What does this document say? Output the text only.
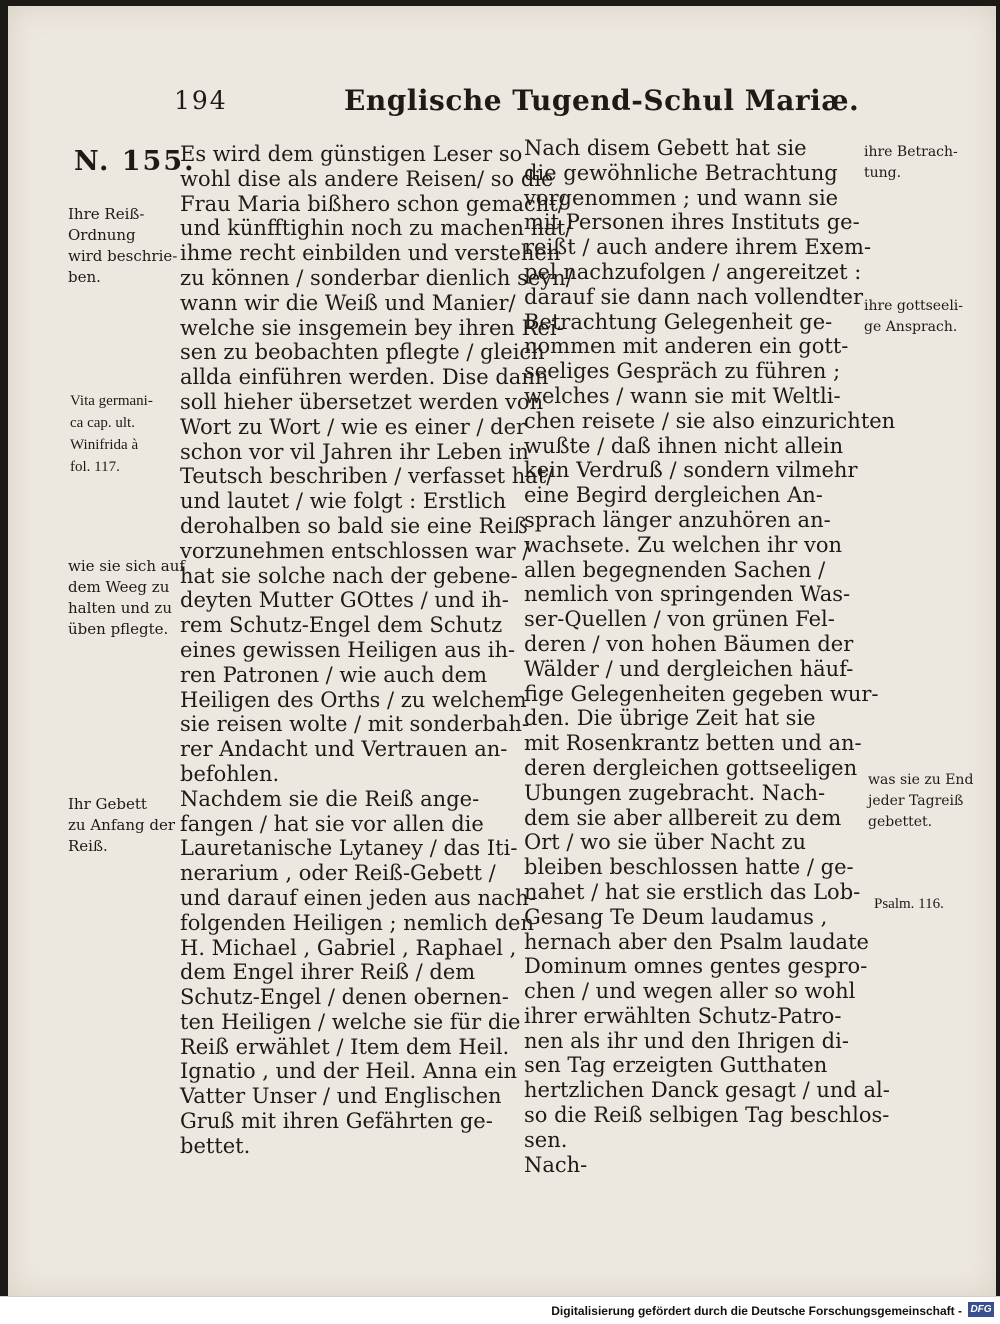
194	Englische Tugend-Schul Mariæ.
N. 155.
Es wird dem günstigen Leser so
wohl dise als andere Reisen/ so die
Frau Maria bißhero schon gemacht/
und künfftighin noch zu machen hat/
ihme recht einbilden und verstehen
zu können / sonderbar dienlich seyn/
wann wir die Weiß und Manier/
welche sie insgemein bey ihren Rei-
sen zu beobachten pflegte / gleich
allda einführen werden. Dise dann
soll hieher übersetzet werden von
Wort zu Wort / wie es einer / der
schon vor vil Jahren ihr Leben in
Teutsch beschriben / verfasset hat/
und lautet / wie folgt : Erstlich
derohalben so bald sie eine Reiß
vorzunehmen entschlossen war /
hat sie solche nach der gebene-
deyten Mutter GOttes / und ih-
rem Schutz-Engel dem Schutz
eines gewissen Heiligen aus ih-
ren Patronen / wie auch dem
Heiligen des Orths / zu welchem
sie reisen wolte / mit sonderbah-
rer Andacht und Vertrauen an-
befohlen.
Nachdem sie die Reiß ange-
fangen / hat sie vor allen die
Lauretanische Lytaney / das Iti-
nerarium , oder Reiß-Gebett /
und darauf einen jeden aus nach-
folgenden Heiligen ; nemlich den
H. Michael , Gabriel , Raphael ,
dem Engel ihrer Reiß / dem
Schutz-Engel / denen obernen-
ten Heiligen / welche sie für die
Reiß erwählet / Item dem Heil.
Ignatio , und der Heil. Anna ein
Vatter Unser / und Englischen
Gruß mit ihren Gefährten ge-
bettet.
Nach disem Gebett hat sie
die gewöhnliche Betrachtung
vorgenommen ; und wann sie
mit Personen ihres Instituts ge-
reißt / auch andere ihrem Exem-
pel nachzufolgen / angereitzet :
darauf sie dann nach vollendter
Betrachtung Gelegenheit ge-
nommen mit anderen ein gott-
seeliges Gespräch zu führen ;
welches / wann sie mit Weltli-
chen reisete / sie also einzurichten
wußte / daß ihnen nicht allein
kein Verdruß / sondern vilmehr
eine Begird dergleichen An-
sprach länger anzuhören an-
wachsete. Zu welchen ihr von
allen begegnenden Sachen /
nemlich von springenden Was-
ser-Quellen / von grünen Fel-
deren / von hohen Bäumen der
Wälder / und dergleichen häuf-
fige Gelegenheiten gegeben wur-
den. Die übrige Zeit hat sie
mit Rosenkrantz betten und an-
deren dergleichen gottseeligen
Ubungen zugebracht. Nach-
dem sie aber allbereit zu dem
Ort / wo sie über Nacht zu
bleiben beschlossen hatte / ge-
nahet / hat sie erstlich das Lob-
Gesang Te Deum laudamus ,
hernach aber den Psalm laudate
Dominum omnes gentes gespro-
chen / und wegen aller so wohl
ihrer erwählten Schutz-Patro-
nen als ihr und den Ihrigen di-
sen Tag erzeigten Gutthaten
hertzlichen Danck gesagt / und al-
so die Reiß selbigen Tag beschlos-
sen.
Nach-
Ihre Reiß-
Ordnung
wird beschrie-
ben.
Vita germani-
ca cap. ult.
Winifrida à
fol. 117.
wie sie sich auf
dem Weeg zu
halten und zu
üben pflegte.
Ihr Gebett
zu Anfang der
Reiß.
ihre Betrach-
tung.
ihre gottseeli-
ge Ansprach.
was sie zu End
jeder Tagreiß
gebettet.
Psalm. 116.
Digitalisierung gefördert durch die Deutsche Forschungsgemeinschaft - DFG
